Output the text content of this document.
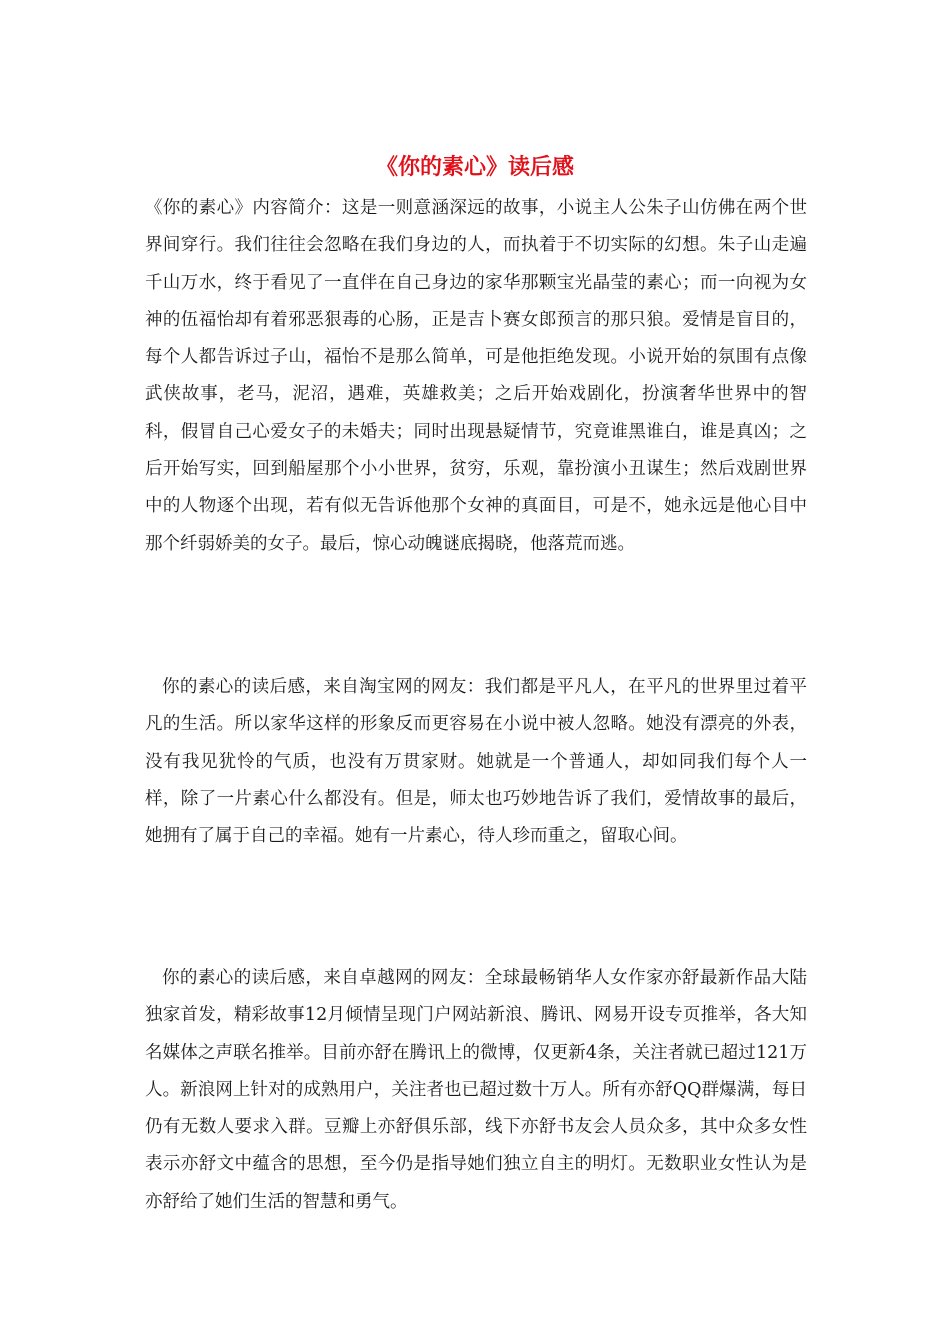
《你的素心》读后感

《你的素心》内容简介：这是一则意涵深远的故事，小说主人公朱子山仿佛在两个世界间穿行。我们往往会忽略在我们身边的人，而执着于不切实际的幻想。朱子山走遍千山万水，终于看见了一直伴在自己身边的家华那颗宝光晶莹的素心；而一向视为女神的伍福怡却有着邪恶狠毒的心肠，正是吉卜赛女郎预言的那只狼。爱情是盲目的，每个人都告诉过子山，福怡不是那么简单，可是他拒绝发现。小说开始的氛围有点像武侠故事，老马，泥沼，遇难，英雄救美；之后开始戏剧化，扮演奢华世界中的智科，假冒自己心爱女子的未婚夫；同时出现悬疑情节，究竟谁黑谁白，谁是真凶；之后开始写实，回到船屋那个小小世界，贫穷，乐观，靠扮演小丑谋生；然后戏剧世界中的人物逐个出现，若有似无告诉他那个女神的真面目，可是不，她永远是他心目中那个纤弱娇美的女子。最后，惊心动魄谜底揭晓，他落荒而逃。

你的素心的读后感，来自淘宝网的网友：我们都是平凡人，在平凡的世界里过着平凡的生活。所以家华这样的形象反而更容易在小说中被人忽略。她没有漂亮的外表，没有我见犹怜的气质，也没有万贯家财。她就是一个普通人，却如同我们每个人一样，除了一片素心什么都没有。但是，师太也巧妙地告诉了我们，爱情故事的最后，她拥有了属于自己的幸福。她有一片素心，待人珍而重之，留取心间。

你的素心的读后感，来自卓越网的网友：全球最畅销华人女作家亦舒最新作品大陆独家首发，精彩故事12月倾情呈现门户网站新浪、腾讯、网易开设专页推举，各大知名媒体之声联名推举。目前亦舒在腾讯上的微博，仅更新4条，关注者就已超过121万人。新浪网上针对的成熟用户，关注者也已超过数十万人。所有亦舒QQ群爆满，每日仍有无数人要求入群。豆瓣上亦舒俱乐部，线下亦舒书友会人员众多，其中众多女性表示亦舒文中蕴含的思想，至今仍是指导她们独立自主的明灯。无数职业女性认为是亦舒给了她们生活的智慧和勇气。
